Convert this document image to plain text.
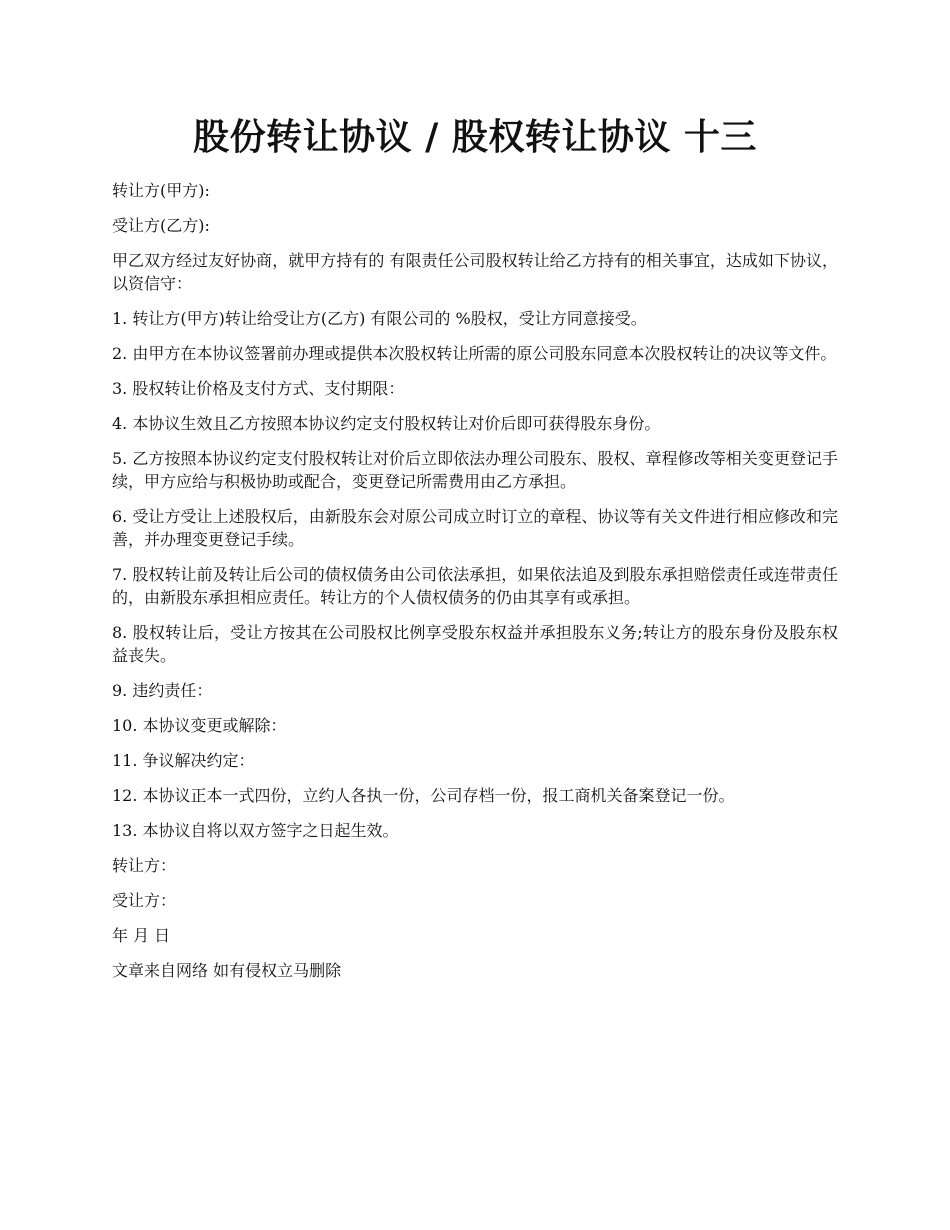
股份转让协议 / 股权转让协议 十三

转让方(甲方):

受让方(乙方):

甲乙双方经过友好协商，就甲方持有的 有限责任公司股权转让给乙方持有的相关事宜，达成如下协议，以资信守：

1. 转让方(甲方)转让给受让方(乙方) 有限公司的 %股权，受让方同意接受。

2. 由甲方在本协议签署前办理或提供本次股权转让所需的原公司股东同意本次股权转让的决议等文件。

3. 股权转让价格及支付方式、支付期限：

4. 本协议生效且乙方按照本协议约定支付股权转让对价后即可获得股东身份。

5. 乙方按照本协议约定支付股权转让对价后立即依法办理公司股东、股权、章程修改等相关变更登记手续，甲方应给与积极协助或配合，变更登记所需费用由乙方承担。

6. 受让方受让上述股权后，由新股东会对原公司成立时订立的章程、协议等有关文件进行相应修改和完善，并办理变更登记手续。

7. 股权转让前及转让后公司的债权债务由公司依法承担，如果依法追及到股东承担赔偿责任或连带责任的，由新股东承担相应责任。转让方的个人债权债务的仍由其享有或承担。

8. 股权转让后，受让方按其在公司股权比例享受股东权益并承担股东义务;转让方的股东身份及股东权益丧失。

9. 违约责任：

10. 本协议变更或解除：

11. 争议解决约定：

12. 本协议正本一式四份，立约人各执一份，公司存档一份，报工商机关备案登记一份。

13. 本协议自将以双方签字之日起生效。

转让方：

受让方：

年 月 日

文章来自网络 如有侵权立马删除
